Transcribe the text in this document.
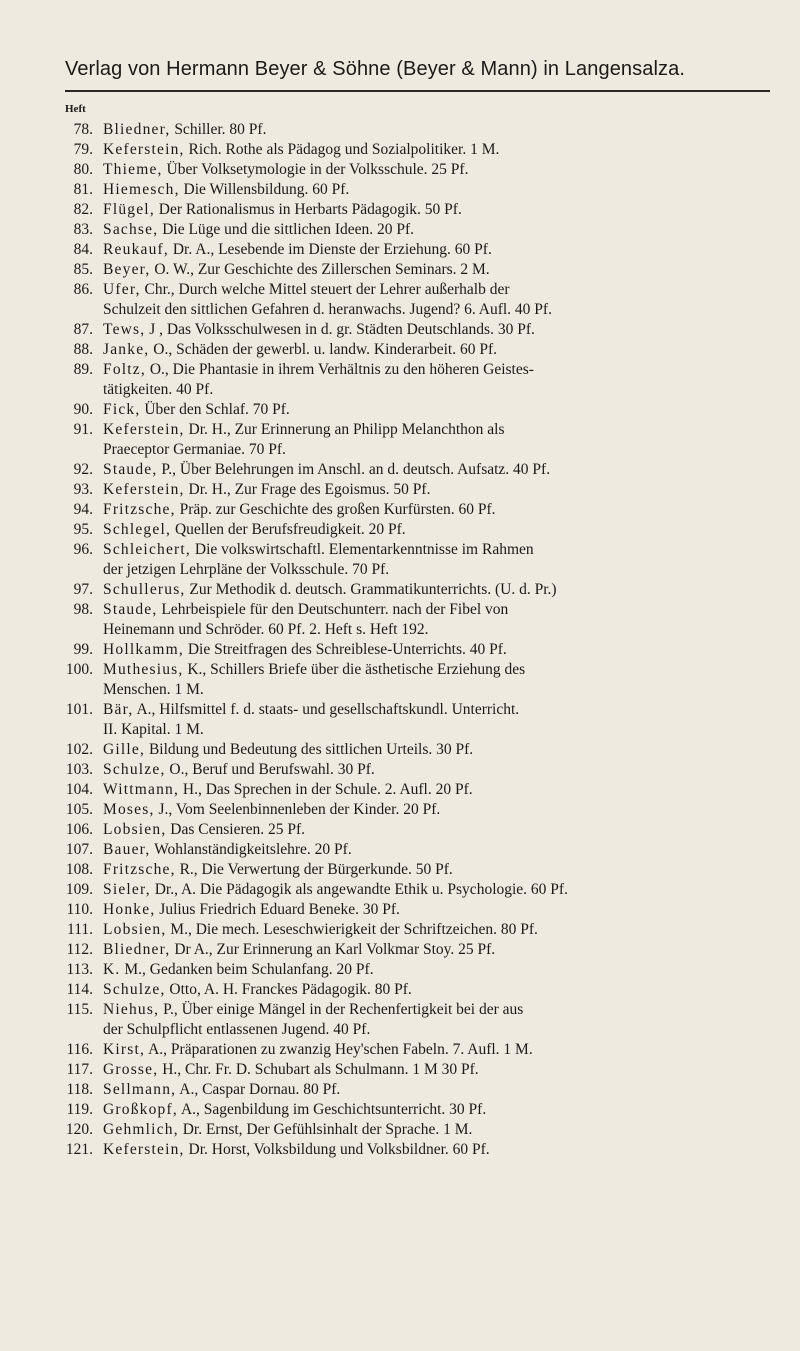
Verlag von Hermann Beyer & Söhne (Beyer & Mann) in Langensalza.
Heft
78. Bliedner, Schiller. 80 Pf.
79. Keferstein, Rich. Rothe als Pädagog und Sozialpolitiker. 1 M.
80. Thieme, Über Volksetymologie in der Volksschule. 25 Pf.
81. Hiemesch, Die Willensbildung. 60 Pf.
82. Flügel, Der Rationalismus in Herbarts Pädagogik. 50 Pf.
83. Sachse, Die Lüge und die sittlichen Ideen. 20 Pf.
84. Reukauf, Dr. A., Lesebende im Dienste der Erziehung. 60 Pf.
85. Beyer, O. W., Zur Geschichte des Zillerschen Seminars. 2 M.
86. Ufer, Chr., Durch welche Mittel steuert der Lehrer außerhalb der
Schulzeit den sittlichen Gefahren d. heranwachs. Jugend? 6. Aufl. 40 Pf.
87. Tews, J , Das Volksschulwesen in d. gr. Städten Deutschlands. 30 Pf.
88. Janke, O., Schäden der gewerbl. u. landw. Kinderarbeit. 60 Pf.
89. Foltz, O., Die Phantasie in ihrem Verhältnis zu den höheren Geistes-
tätigkeiten. 40 Pf.
90. Fick, Über den Schlaf. 70 Pf.
91. Keferstein, Dr. H., Zur Erinnerung an Philipp Melanchthon als
Praeceptor Germaniae. 70 Pf.
92. Staude, P., Über Belehrungen im Anschl. an d. deutsch. Aufsatz. 40 Pf.
93. Keferstein, Dr. H., Zur Frage des Egoismus. 50 Pf.
94. Fritzsche, Präp. zur Geschichte des großen Kurfürsten. 60 Pf.
95. Schlegel, Quellen der Berufsfreudigkeit. 20 Pf.
96. Schleichert, Die volkswirtschaftl. Elementarkenntnisse im Rahmen
der jetzigen Lehrpläne der Volksschule. 70 Pf.
97. Schullerus, Zur Methodik d. deutsch. Grammatikunterrichts. (U. d. Pr.)
98. Staude, Lehrbeispiele für den Deutschunterr. nach der Fibel von
Heinemann und Schröder. 60 Pf. 2. Heft s. Heft 192.
99. Hollkamm, Die Streitfragen des Schreiblese-Unterrichts. 40 Pf.
100. Muthesius, K., Schillers Briefe über die ästhetische Erziehung des
Menschen. 1 M.
101. Bär, A., Hilfsmittel f. d. staats- und gesellschaftskundl. Unterricht.
II. Kapital. 1 M.
102. Gille, Bildung und Bedeutung des sittlichen Urteils. 30 Pf.
103. Schulze, O., Beruf und Berufswahl. 30 Pf.
104. Wittmann, H., Das Sprechen in der Schule. 2. Aufl. 20 Pf.
105. Moses, J., Vom Seelenbinnenleben der Kinder. 20 Pf.
106. Lobsien, Das Censieren. 25 Pf.
107. Bauer, Wohlanständigkeitslehre. 20 Pf.
108. Fritzsche, R., Die Verwertung der Bürgerkunde. 50 Pf.
109. Sieler, Dr., A. Die Pädagogik als angewandte Ethik u. Psychologie. 60 Pf.
110. Honke, Julius Friedrich Eduard Beneke. 30 Pf.
111. Lobsien, M., Die mech. Leseschwierigkeit der Schriftzeichen. 80 Pf.
112. Bliedner, Dr A., Zur Erinnerung an Karl Volkmar Stoy. 25 Pf.
113. K. M., Gedanken beim Schulanfang. 20 Pf.
114. Schulze, Otto, A. H. Franckes Pädagogik. 80 Pf.
115. Niehus, P., Über einige Mängel in der Rechenfertigkeit bei der aus
der Schulpflicht entlassenen Jugend. 40 Pf.
116. Kirst, A., Präparationen zu zwanzig Hey'schen Fabeln. 7. Aufl. 1 M.
117. Grosse, H., Chr. Fr. D. Schubart als Schulmann. 1 M 30 Pf.
118. Sellmann, A., Caspar Dornau. 80 Pf.
119. Großkopf, A., Sagenbildung im Geschichtsunterricht. 30 Pf.
120. Gehmlich, Dr. Ernst, Der Gefühlsinhalt der Sprache. 1 M.
121. Keferstein, Dr. Horst, Volksbildung und Volksbildner. 60 Pf.
